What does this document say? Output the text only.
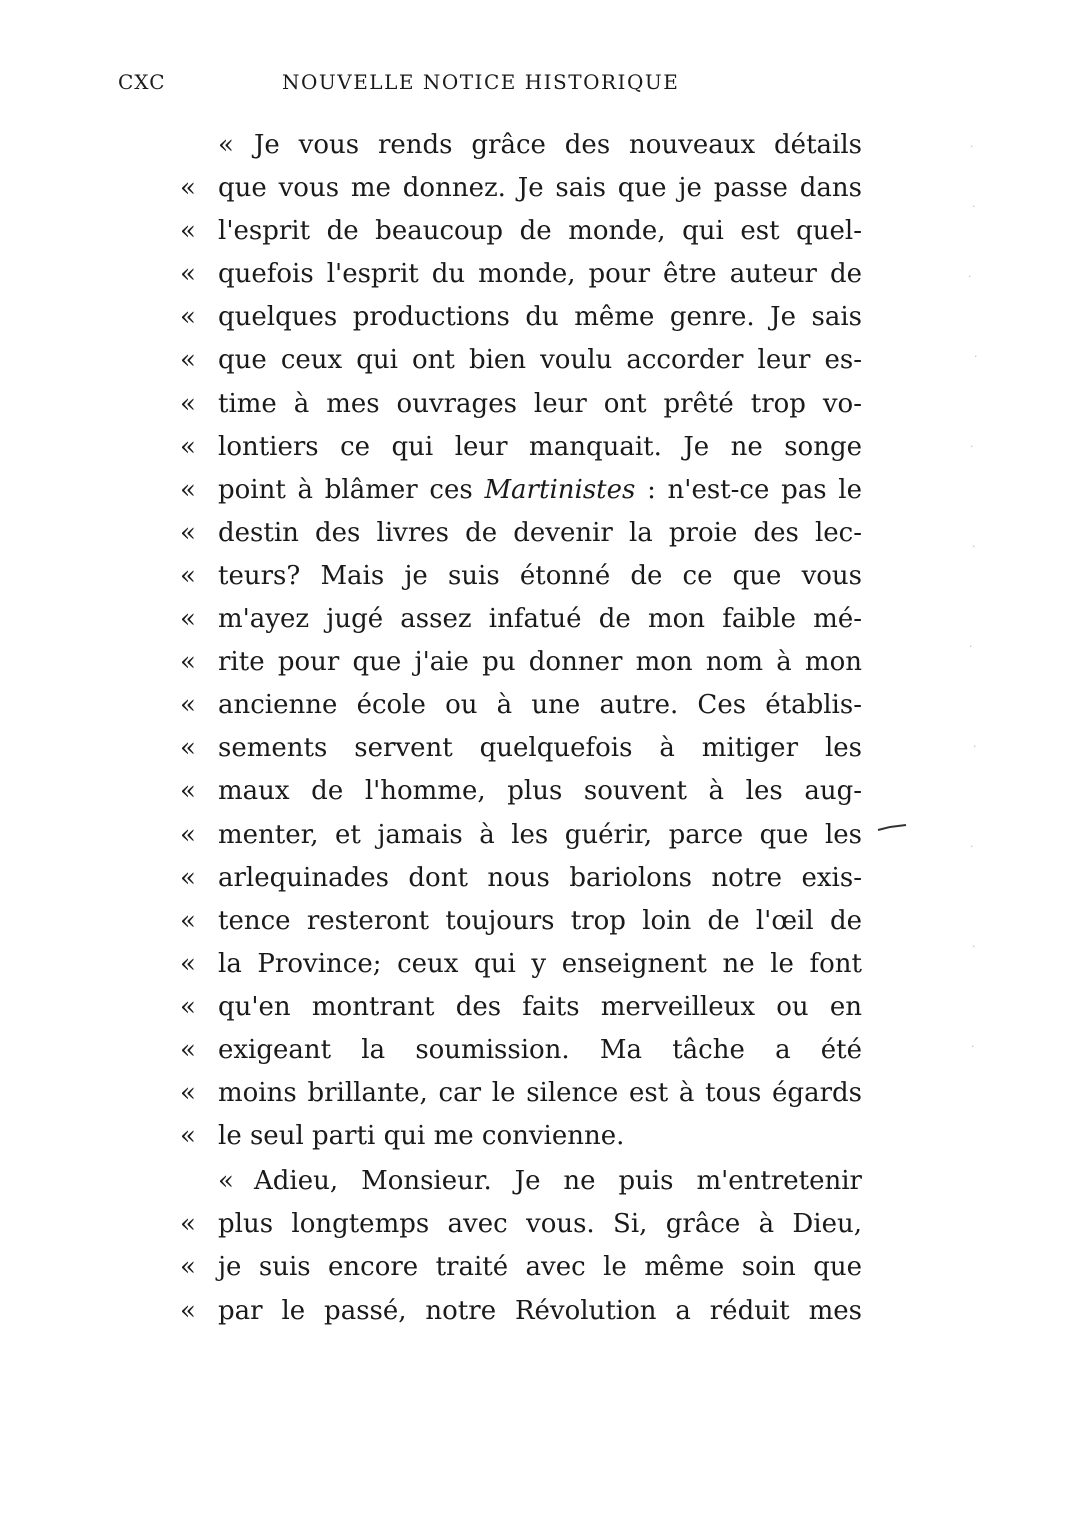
CXC	NOUVELLE NOTICE HISTORIQUE
« Je vous rends grâce des nouveaux détails
« que vous me donnez. Je sais que je passe dans
« l'esprit de beaucoup de monde, qui est quel-
« quefois l'esprit du monde, pour être auteur de
« quelques productions du même genre. Je sais
« que ceux qui ont bien voulu accorder leur es-
« time à mes ouvrages leur ont prêté trop vo-
« lontiers ce qui leur manquait. Je ne songe
« point à blâmer ces Martinistes : n'est-ce pas le
« destin des livres de devenir la proie des lec-
« teurs? Mais je suis étonné de ce que vous
« m'ayez jugé assez infatué de mon faible mé-
« rite pour que j'aie pu donner mon nom à mon
« ancienne école ou à une autre. Ces établis-
« sements servent quelquefois à mitiger les
« maux de l'homme, plus souvent à les aug-
« menter, et jamais à les guérir, parce que les
« arlequinades dont nous bariolons notre exis-
« tence resteront toujours trop loin de l'œil de
« la Province; ceux qui y enseignent ne le font
« qu'en montrant des faits merveilleux ou en
« exigeant la soumission. Ma tâche a été
« moins brillante, car le silence est à tous égards
« le seul parti qui me convienne.
« Adieu, Monsieur. Je ne puis m'entretenir
« plus longtemps avec vous. Si, grâce à Dieu,
« je suis encore traité avec le même soin que
« par le passé, notre Révolution a réduit mes
·
·
·
·
·
·
·
·
·
·
·
